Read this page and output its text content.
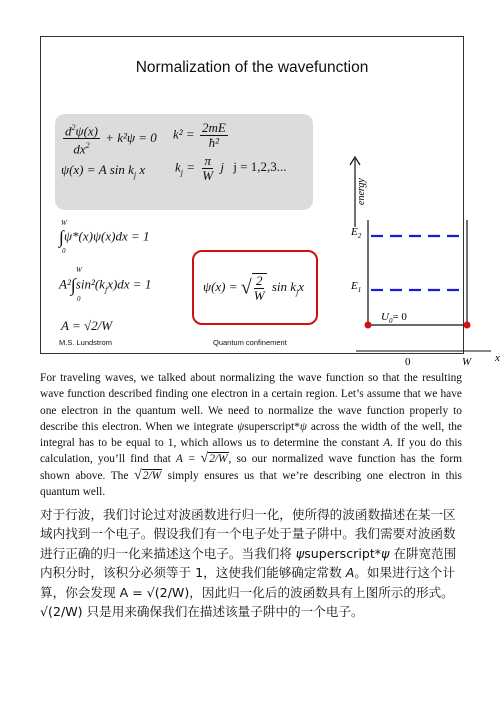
Normalization of the wavefunction
$\frac{d^2\psi(x)}{dx^2} + k^2\psi = 0$ $k^2 = \frac{2mE}{\text{ħ²}}$
ψ(x) = A $\sin k_j$ x $k_j = \frac{\pi}{W}$ j j = 1,2,3...
∫ψ*(x)ψ(x)dx = 1
W
0
$A^2\int\sin^2(k_jx)dx = 1$
W
0
A = √2/W
ψ(x) = √ $\frac{2}{W}$ $\sin k_jx$
M.S. Lundstrom	Quantum confinement
energy
$E_2$
$E_1$
$U_0= 0$
0	W x
For traveling waves, we talked about normalizing the wave function so that the resulting wave function described finding one electron in a certain region. Let’s assume that we have one electron in the quantum well. We need to normalize the wave function properly to describe this electron. When we integrate ψsuperscript*ψ across the width of the well, the integral has to be equal to 1, which allows us to determine the constant A. If you do this calculation, you’ll find that A = √2/W, so our normalized wave function has the form shown above. The √2/W simply ensures us that we’re describing one electron in this quantum well.
对于行波，我们讨论过对波函数进行归一化，使所得的波函数描述在某一区域内找到一个电子。假设我们有一个电子处于量子阱中。我们需要对波函数进行正确的归一化来描述这个电子。当我们将 ψsuperscript*ψ 在阱宽范围内积分时，该积分必须等于 1，这使我们能够确定常数 A。如果进行这个计算，你会发现 A = √(2/W)，因此归一化后的波函数具有上图所示的形式。√(2/W) 只是用来确保我们在描述该量子阱中的一个电子。
